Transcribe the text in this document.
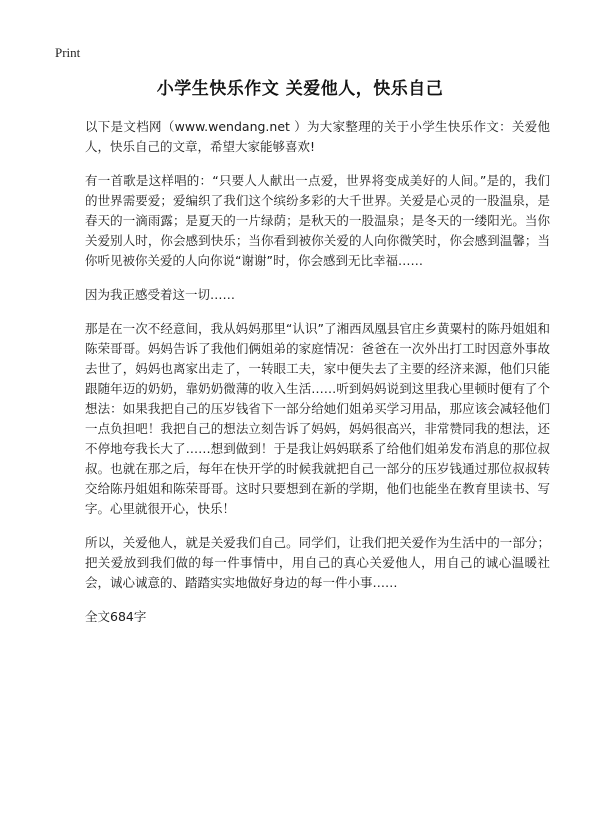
Print
小学生快乐作文 关爱他人，快乐自己

以下是文档网（www.wendang.net ）为大家整理的关于小学生快乐作文：关爱他人，快乐自己的文章，希望大家能够喜欢!

有一首歌是这样唱的：“只要人人献出一点爱，世界将变成美好的人间。”是的，我们的世界需要爱；爱编织了我们这个缤纷多彩的大千世界。关爱是心灵的一股温泉，是春天的一滴雨露；是夏天的一片绿荫；是秋天的一股温泉；是冬天的一缕阳光。当你关爱别人时，你会感到快乐；当你看到被你关爱的人向你微笑时，你会感到温馨；当你听见被你关爱的人向你说“谢谢”时，你会感到无比幸福……

因为我正感受着这一切……

那是在一次不经意间，我从妈妈那里“认识”了湘西凤凰县官庄乡黄粟村的陈丹姐姐和陈荣哥哥。妈妈告诉了我他们俩姐弟的家庭情况：爸爸在一次外出打工时因意外事故去世了，妈妈也离家出走了，一转眼工夫，家中便失去了主要的经济来源，他们只能跟随年迈的奶奶，靠奶奶微薄的收入生活……听到妈妈说到这里我心里顿时便有了个想法：如果我把自己的压岁钱省下一部分给她们姐弟买学习用品，那应该会减轻他们一点负担吧！我把自己的想法立刻告诉了妈妈，妈妈很高兴，非常赞同我的想法，还不停地夸我长大了……想到做到！于是我让妈妈联系了给他们姐弟发布消息的那位叔叔。也就在那之后，每年在快开学的时候我就把自己一部分的压岁钱通过那位叔叔转交给陈丹姐姐和陈荣哥哥。这时只要想到在新的学期，他们也能坐在教育里读书、写字。心里就很开心，快乐！

所以，关爱他人，就是关爱我们自己。同学们，让我们把关爱作为生活中的一部分；把关爱放到我们做的每一件事情中，用自己的真心关爱他人，用自己的诚心温暖社会，诚心诚意的、踏踏实实地做好身边的每一件小事……

全文684字
